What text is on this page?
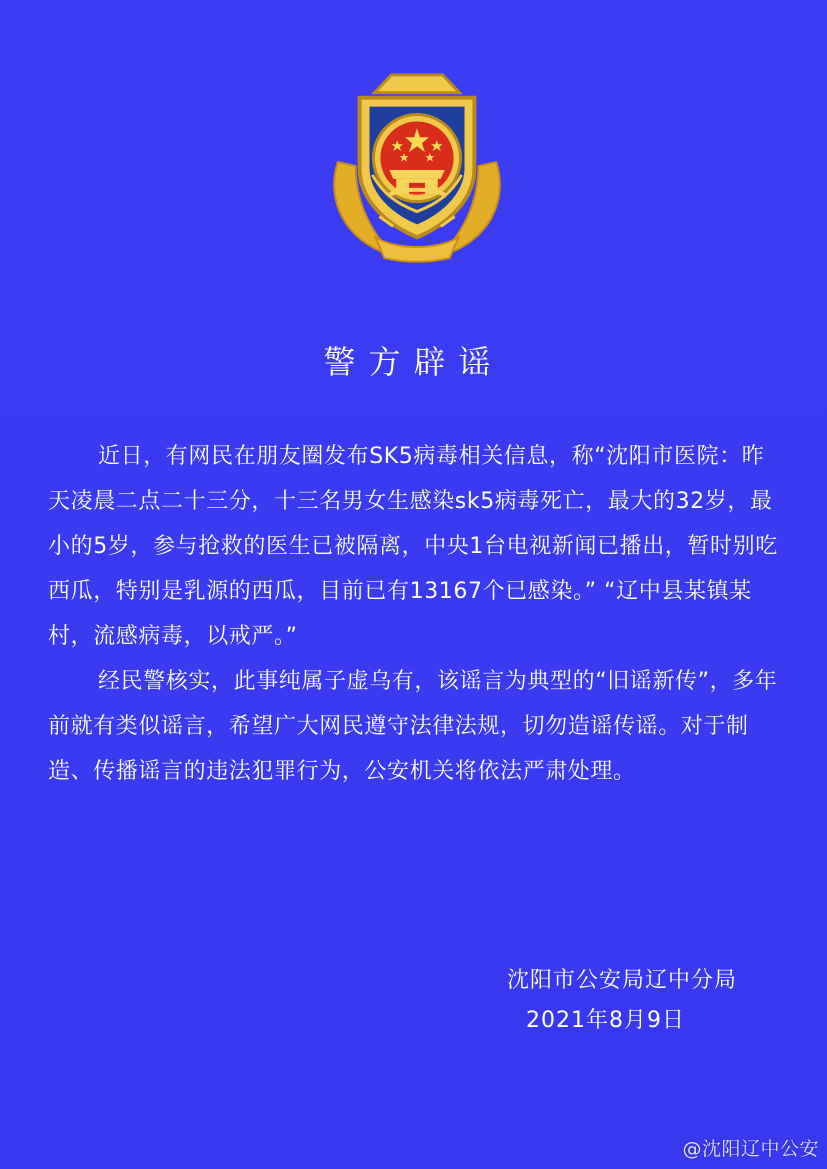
警方辟谣

近日，有网民在朋友圈发布SK5病毒相关信息，称“沈阳市医院：昨天凌晨二点二十三分，十三名男女生感染sk5病毒死亡，最大的32岁，最小的5岁，参与抢救的医生已被隔离，中央1台电视新闻已播出，暂时别吃西瓜，特别是乳源的西瓜，目前已有13167个已感染。” “辽中县某镇某村，流感病毒，以戒严。”

经民警核实，此事纯属子虚乌有，该谣言为典型的“旧谣新传”，多年前就有类似谣言，希望广大网民遵守法律法规，切勿造谣传谣。对于制造、传播谣言的违法犯罪行为，公安机关将依法严肃处理。

沈阳市公安局辽中分局
2021年8月9日
@沈阳辽中公安
